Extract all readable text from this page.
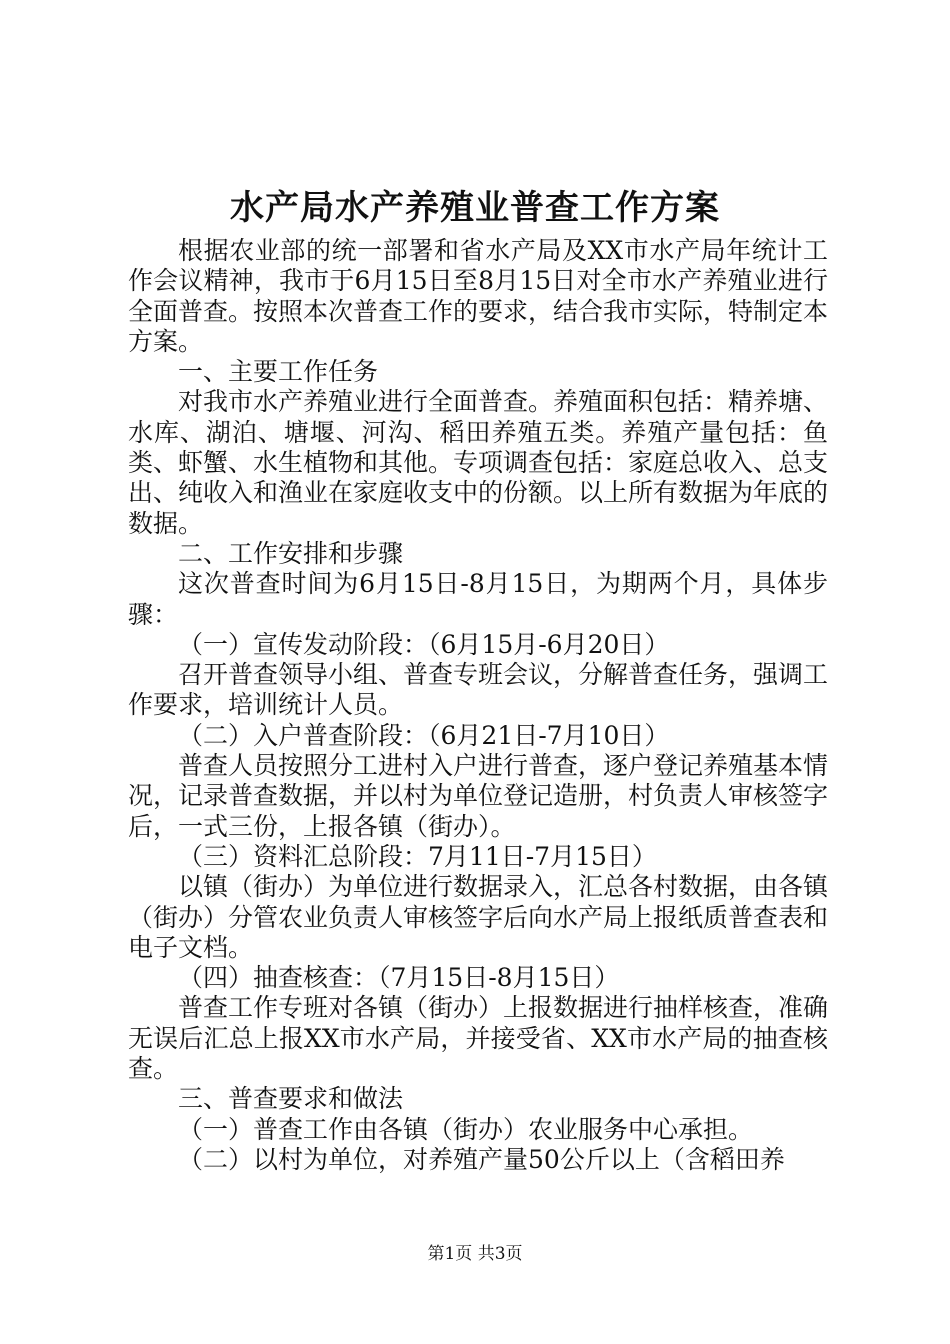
水产局水产养殖业普查工作方案

根据农业部的统一部署和省水产局及XX市水产局年统计工作会议精神，我市于6月15日至8月15日对全市水产养殖业进行全面普查。按照本次普查工作的要求，结合我市实际，特制定本方案。

一、主要工作任务

对我市水产养殖业进行全面普查。养殖面积包括：精养塘、水库、湖泊、塘堰、河沟、稻田养殖五类。养殖产量包括：鱼类、虾蟹、水生植物和其他。专项调查包括：家庭总收入、总支出、纯收入和渔业在家庭收支中的份额。以上所有数据为年底的数据。

二、工作安排和步骤

这次普查时间为6月15日-8月15日，为期两个月，具体步骤：

（一）宣传发动阶段：（6月15月-6月20日）

召开普查领导小组、普查专班会议，分解普查任务，强调工作要求，培训统计人员。

（二）入户普查阶段：（6月21日-7月10日）

普查人员按照分工进村入户进行普查，逐户登记养殖基本情况，记录普查数据，并以村为单位登记造册，村负责人审核签字后，一式三份，上报各镇（街办）。

（三）资料汇总阶段：7月11日-7月15日）

以镇（街办）为单位进行数据录入，汇总各村数据，由各镇（街办）分管农业负责人审核签字后向水产局上报纸质普查表和电子文档。

（四）抽查核查：（7月15日-8月15日）

普查工作专班对各镇（街办）上报数据进行抽样核查，准确无误后汇总上报XX市水产局，并接受省、XX市水产局的抽查核查。

三、普查要求和做法

（一）普查工作由各镇（街办）农业服务中心承担。

（二）以村为单位，对养殖产量50公斤以上（含稻田养

第1页 共3页
